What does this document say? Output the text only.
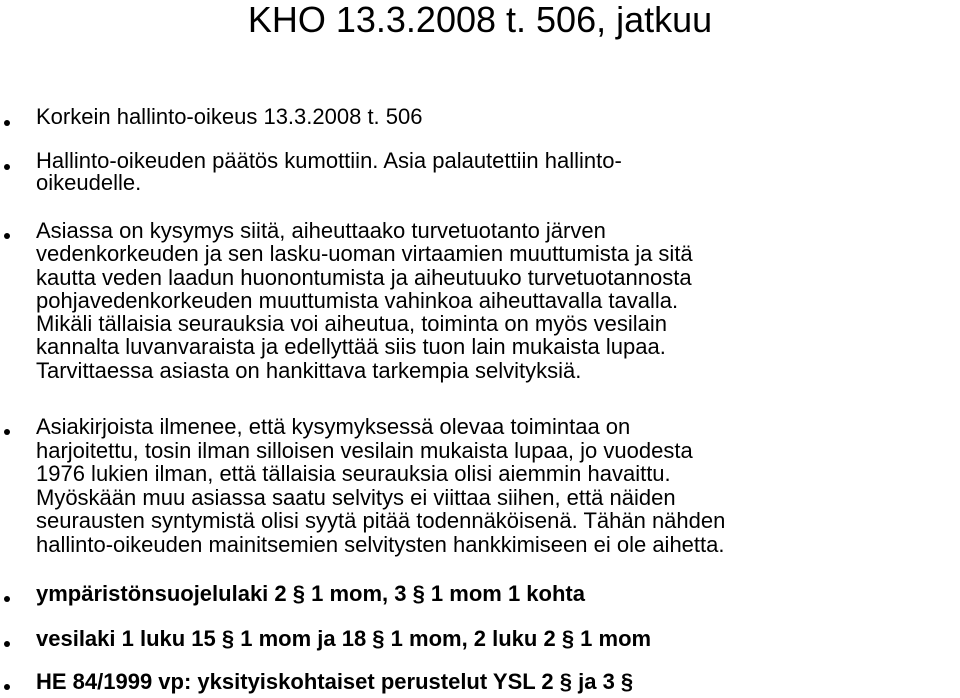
KHO 13.3.2008 t. 506, jatkuu

Korkein hallinto-oikeus 13.3.2008 t. 506

Hallinto-oikeuden päätös kumottiin. Asia palautettiin hallinto-
oikeudelle.

Asiassa on kysymys siitä, aiheuttaako turvetuotanto järven
vedenkorkeuden ja sen lasku-uoman virtaamien muuttumista ja sitä
kautta veden laadun huonontumista ja aiheutuuko turvetuotannosta
pohjavedenkorkeuden muuttumista vahinkoa aiheuttavalla tavalla.
Mikäli tällaisia seurauksia voi aiheutua, toiminta on myös vesilain
kannalta luvanvaraista ja edellyttää siis tuon lain mukaista lupaa.
Tarvittaessa asiasta on hankittava tarkempia selvityksiä.

Asiakirjoista ilmenee, että kysymyksessä olevaa toimintaa on
harjoitettu, tosin ilman silloisen vesilain mukaista lupaa, jo vuodesta
1976 lukien ilman, että tällaisia seurauksia olisi aiemmin havaittu.
Myöskään muu asiassa saatu selvitys ei viittaa siihen, että näiden
seurausten syntymistä olisi syytä pitää todennäköisenä. Tähän nähden
hallinto-oikeuden mainitsemien selvitysten hankkimiseen ei ole aihetta.

ympäristönsuojelulaki 2 § 1 mom, 3 § 1 mom 1 kohta

vesilaki 1 luku 15 § 1 mom ja 18 § 1 mom, 2 luku 2 § 1 mom

HE 84/1999 vp: yksityiskohtaiset perustelut YSL 2 § ja 3 §
